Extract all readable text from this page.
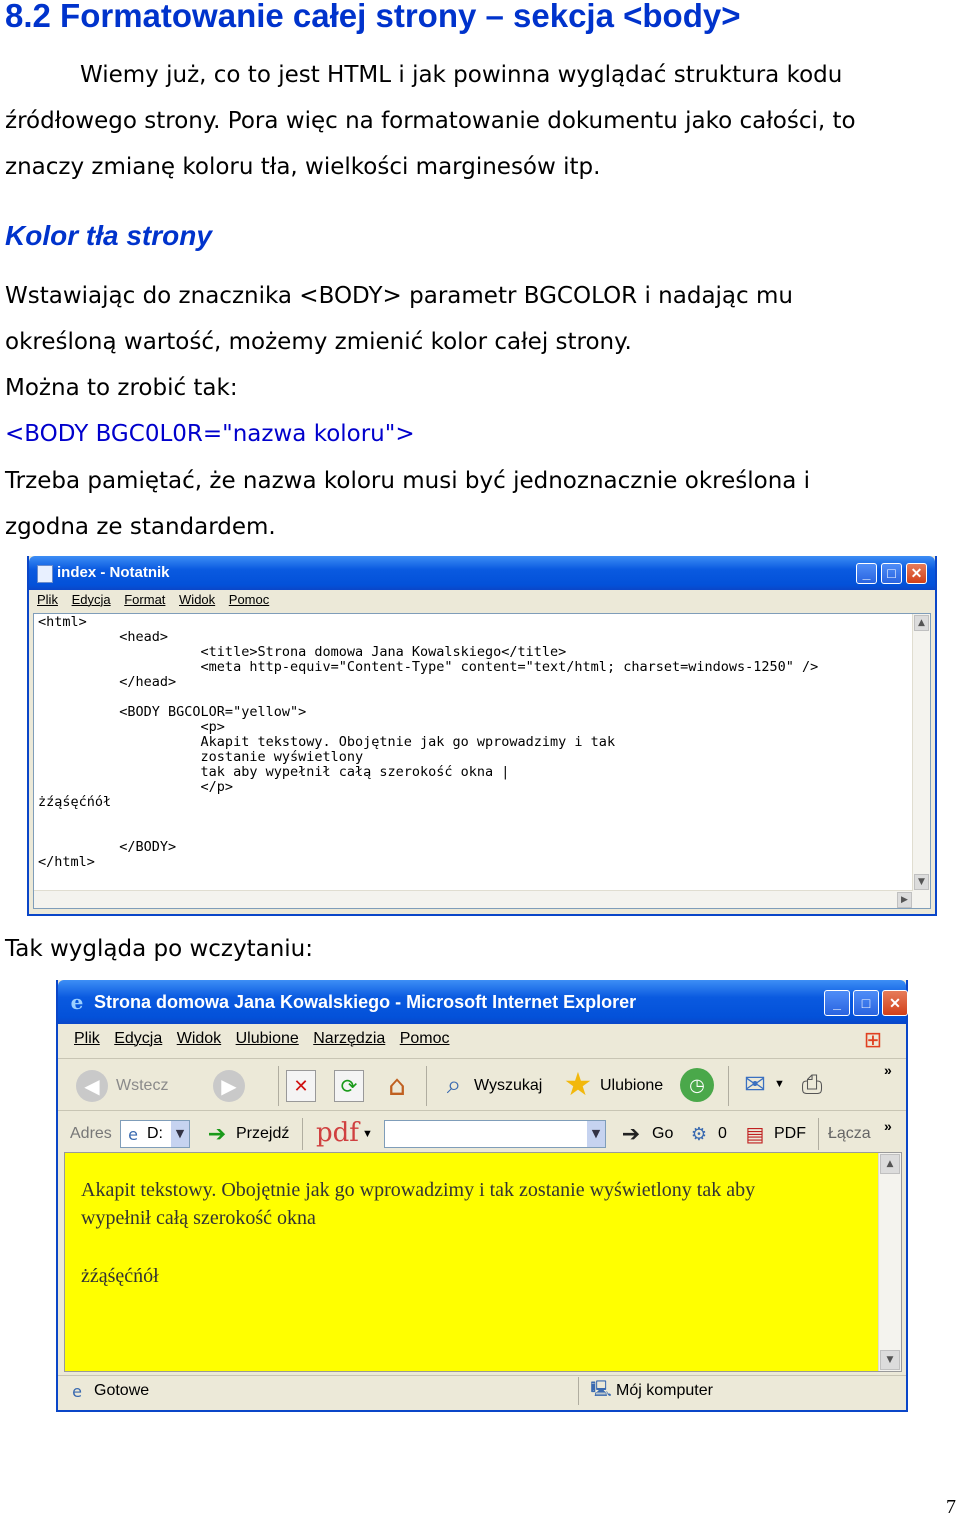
8.2 Formatowanie całej strony – sekcja <body>
Wiemy już, co to jest HTML i jak powinna wyglądać struktura kodu
źródłowego strony. Pora więc na formatowanie dokumentu jako całości, to
znaczy zmianę koloru tła, wielkości marginesów itp.
Kolor tła strony
Wstawiając do znacznika <BODY> parametr BGCOLOR i nadając mu
określoną wartość, możemy zmienić kolor całej strony.
Można to zrobić tak:
<BODY BGC0L0R="nazwa koloru">
Trzeba pamiętać, że nazwa koloru musi być jednoznacznie określona i
zgodna ze standardem.
index - Notatnik	_	□	✕
Plik Edycja Format Widok Pomoc
<html>
<head>
<title>Strona domowa Jana Kowalskiego</title>
<meta http-equiv="Content-Type" content="text/html; charset=windows-1250" />
</head>
<BODY BGCOLOR="yellow">
<p>
Akapit tekstowy. Obojętnie jak go wprowadzimy i tak
zostanie wyświetlony
tak aby wypełnił całą szerokość okna |
</p>
żźąśęćńół
</BODY>
</html>
▲
▼
▶
Tak wygląda po wczytaniu:
e Strona domowa Jana Kowalskiego - Microsoft Internet Explorer	_	□	✕
Plik Edycja Widok Ulubione Narzędzia Pomoc	⊞
◀	Wstecz	▶	✕	⟳ ⌂	⌕ Wyszukaj ★ Ulubione	◷	✉ ▼ ⎙	»
Adres	e D:	▼ ➔ Przejdź pdf ▼	▼ ➔ Go ⚙ 0 ▤ PDF Łącza »
Akapit tekstowy. Obojętnie jak go wprowadzimy i tak zostanie wyświetlony tak aby
wypełnił całą szerokość okna
żźąśęćńół
▲
▼
e Gotowe	🖳 Mój komputer
7
